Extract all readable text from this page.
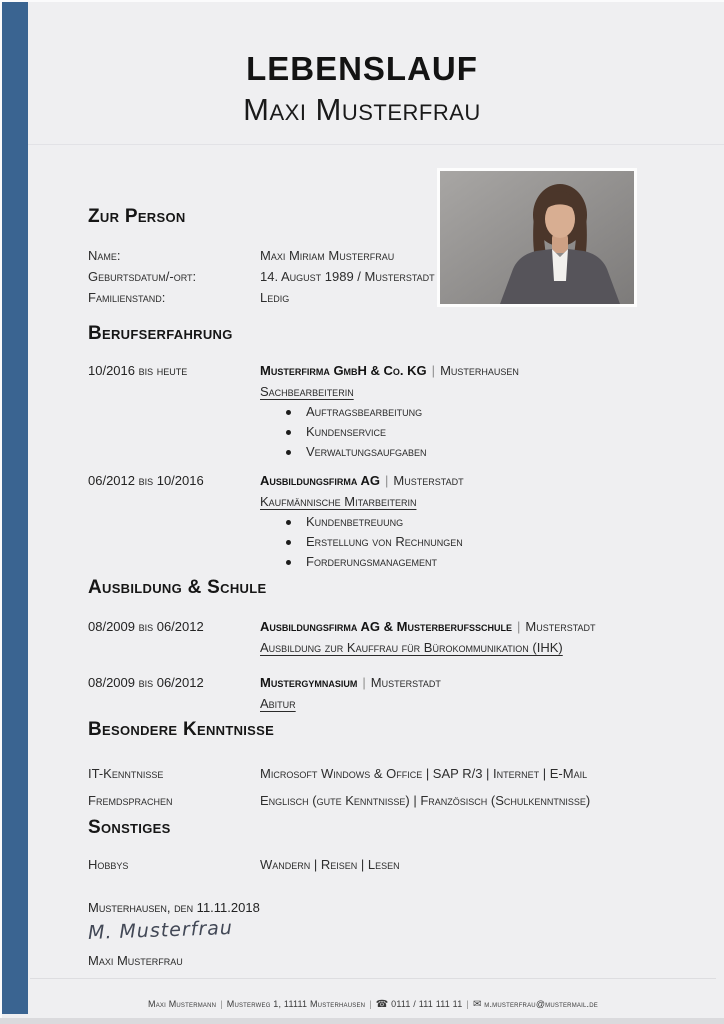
LEBENSLAUF
Maxi Musterfrau
Zur Person
Name:	Maxi Miriam Musterfrau
Geburtsdatum/-ort:	14. August 1989 / Musterstadt
Familienstand:	Ledig
Berufserfahrung
10/2016 bis heute	Musterfirma GmbH & Co. KG | Musterhausen
Sachbearbeiterin
Auftragsbearbeitung
Kundenservice
Verwaltungsaufgaben
06/2012 bis 10/2016	Ausbildungsfirma AG | Musterstadt
Kaufmännische Mitarbeiterin
Kundenbetreuung
Erstellung von Rechnungen
Forderungsmanagement
Ausbildung & Schule
08/2009 bis 06/2012	Ausbildungsfirma AG & Musterberufsschule | Musterstadt
Ausbildung zur Kauffrau für Bürokommunikation (IHK)
08/2009 bis 06/2012	Mustergymnasium | Musterstadt
Abitur
Besondere Kenntnisse
IT-Kenntnisse	Microsoft Windows & Office | SAP R/3 | Internet | E-Mail
Fremdsprachen	Englisch (gute Kenntnisse) | Französisch (Schulkenntnisse)
Sonstiges
Hobbys	Wandern | Reisen | Lesen
Musterhausen, den 11.11.2018
M. Musterfrau
Maxi Musterfrau
Maxi Mustermann | Musterweg 1, 11111 Musterhausen | ☎ 0111 / 111 111 11 | ✉ m.musterfrau@mustermail.de
